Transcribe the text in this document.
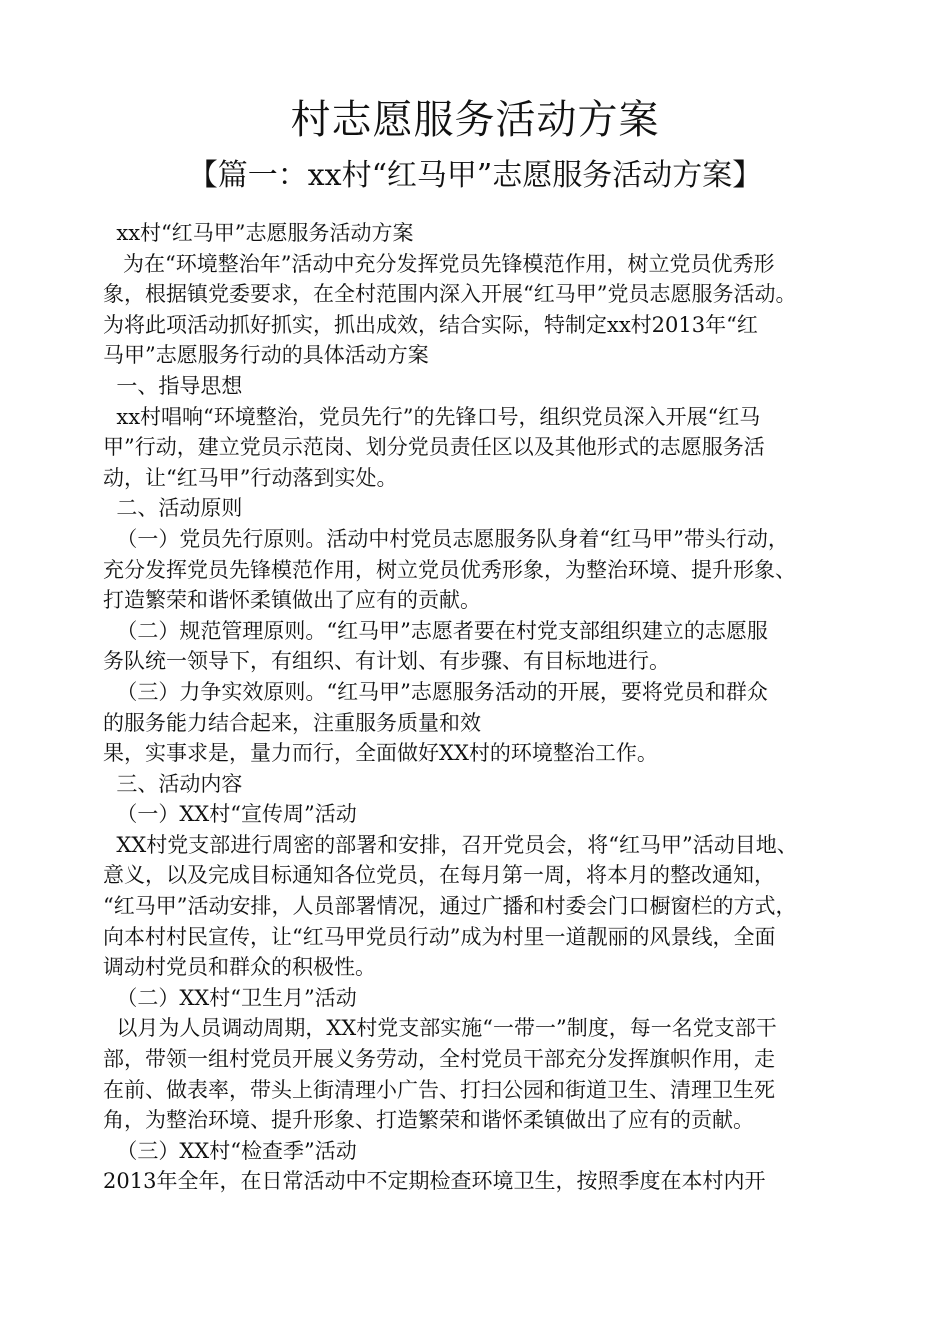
村志愿服务活动方案
【篇一：xx村“红马甲”志愿服务活动方案】
xx村“红马甲”志愿服务活动方案
为在“环境整治年”活动中充分发挥党员先锋模范作用，树立党员优秀形
象，根据镇党委要求，在全村范围内深入开展“红马甲”党员志愿服务活动。
为将此项活动抓好抓实，抓出成效，结合实际，特制定xx村2013年“红
马甲”志愿服务行动的具体活动方案
一、指导思想
xx村唱响“环境整治，党员先行”的先锋口号，组织党员深入开展“红马
甲”行动，建立党员示范岗、划分党员责任区以及其他形式的志愿服务活
动，让“红马甲”行动落到实处。
二、活动原则
（一）党员先行原则。活动中村党员志愿服务队身着“红马甲”带头行动，
充分发挥党员先锋模范作用，树立党员优秀形象，为整治环境、提升形象、
打造繁荣和谐怀柔镇做出了应有的贡献。
（二）规范管理原则。“红马甲”志愿者要在村党支部组织建立的志愿服
务队统一领导下，有组织、有计划、有步骤、有目标地进行。
（三）力争实效原则。“红马甲”志愿服务活动的开展，要将党员和群众
的服务能力结合起来，注重服务质量和效
果，实事求是，量力而行，全面做好XX村的环境整治工作。
三、活动内容
（一）XX村“宣传周”活动
XX村党支部进行周密的部署和安排，召开党员会，将“红马甲”活动目地、
意义，以及完成目标通知各位党员，在每月第一周，将本月的整改通知，
“红马甲”活动安排，人员部署情况，通过广播和村委会门口橱窗栏的方式，
向本村村民宣传，让“红马甲党员行动”成为村里一道靓丽的风景线，全面
调动村党员和群众的积极性。
（二）XX村“卫生月”活动
以月为人员调动周期，XX村党支部实施“一带一”制度，每一名党支部干
部，带领一组村党员开展义务劳动，全村党员干部充分发挥旗帜作用，走
在前、做表率，带头上街清理小广告、打扫公园和街道卫生、清理卫生死
角，为整治环境、提升形象、打造繁荣和谐怀柔镇做出了应有的贡献。
（三）XX村“检查季”活动
2013年全年，在日常活动中不定期检查环境卫生，按照季度在本村内开
